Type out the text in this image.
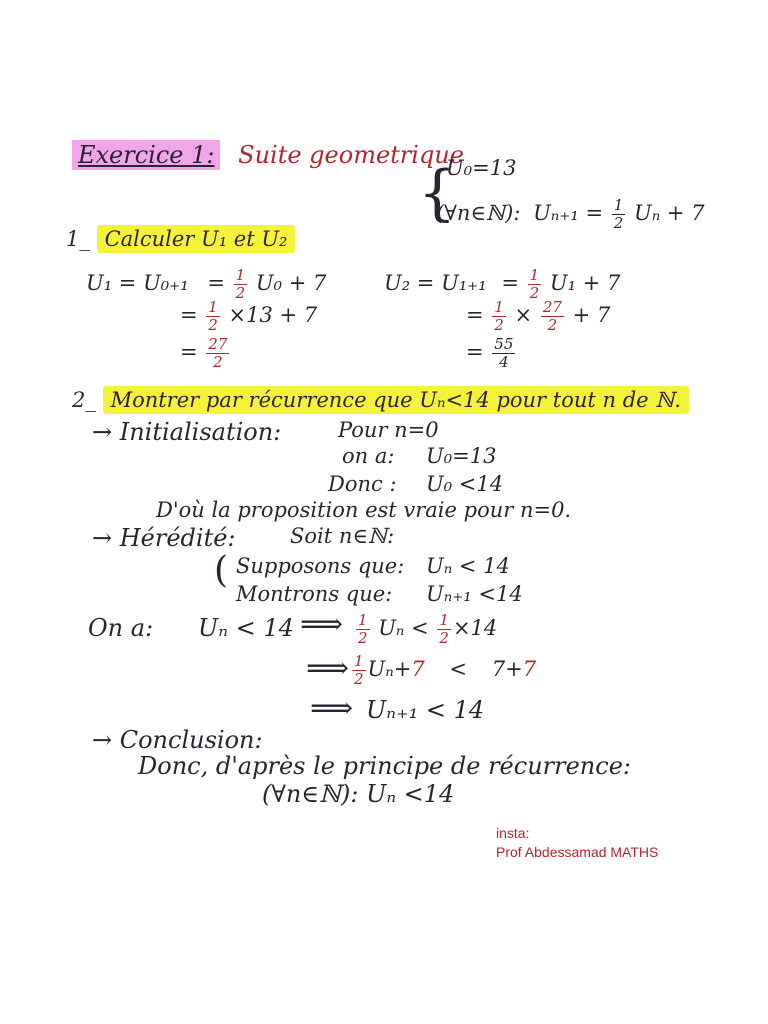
Exercice 1: Suite geometrique
{
U₀=13
(∀n∈ℕ): $U_{n+1} = \frac{1}{2}$ Uₙ + 7
1_ Calculer U₁ et U₂
$U_1 = U_{0+1} = \frac{1}{2} U_0 + 7$
= $\frac{1}{2} \times 13 + 7$
= $\frac{27}{2}$
$U_2 = U_{1+1} = \frac{1}{2} U_1 + 7$
= $\frac{1}{2} \times \frac{27}{2} + 7$
= $\frac{55}{4}$
2_ Montrer par récurrence que Uₙ<14 pour tout n de ℕ.
→ Initialisation:	Pour n=0
on a: U₀=13
Donc : U₀ <14
D'où la proposition est vraie pour n=0.
→ Hérédité:	Soit n∈ℕ:
( Supposons que: Uₙ < 14
Montrons que: Uₙ₊₁ <14
On a: Uₙ < 14 ⟹ $\frac{1}{2}$ $U_n < \frac{1}{2} \times 14$
⟹ $\frac{1}{2} U_n+7 < 7+7$
⟹ Uₙ₊₁ < 14
→ Conclusion:
Donc, d'après le principe de récurrence:
(∀n∈ℕ): Uₙ <14
insta:
Prof Abdessamad MATHS
